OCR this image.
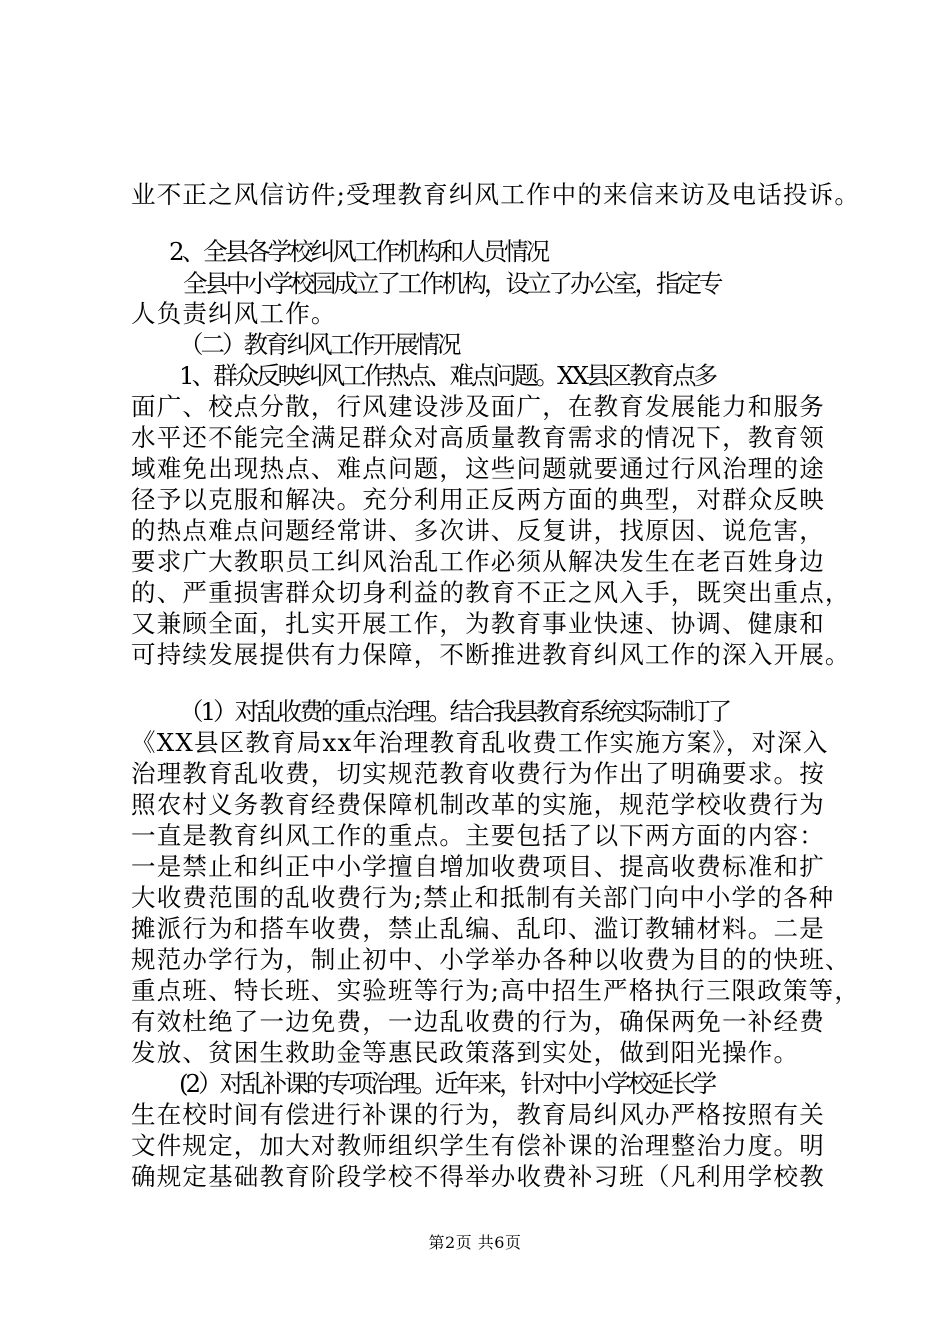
业不正之风信访件;受理教育纠风工作中的来信来访及电话投诉。
2、全县各学校纠风工作机构和人员情况
全县中小学校园成立了工作机构，设立了办公室，指定专
人负责纠风工作。
（二）教育纠风工作开展情况
1、群众反映纠风工作热点、难点问题。XX县区教育点多
面广、校点分散，行风建设涉及面广，在教育发展能力和服务
水平还不能完全满足群众对高质量教育需求的情况下，教育领
域难免出现热点、难点问题，这些问题就要通过行风治理的途
径予以克服和解决。充分利用正反两方面的典型，对群众反映
的热点难点问题经常讲、多次讲、反复讲，找原因、说危害，
要求广大教职员工纠风治乱工作必须从解决发生在老百姓身边
的、严重损害群众切身利益的教育不正之风入手，既突出重点，
又兼顾全面，扎实开展工作，为教育事业快速、协调、健康和
可持续发展提供有力保障，不断推进教育纠风工作的深入开展。
（1）对乱收费的重点治理。结合我县教育系统实际制订了
《XX县区教育局xx年治理教育乱收费工作实施方案》，对深入
治理教育乱收费，切实规范教育收费行为作出了明确要求。按
照农村义务教育经费保障机制改革的实施，规范学校收费行为
一直是教育纠风工作的重点。主要包括了以下两方面的内容：
一是禁止和纠正中小学擅自增加收费项目、提高收费标准和扩
大收费范围的乱收费行为;禁止和抵制有关部门向中小学的各种
摊派行为和搭车收费，禁止乱编、乱印、滥订教辅材料。二是
规范办学行为，制止初中、小学举办各种以收费为目的的快班、
重点班、特长班、实验班等行为;高中招生严格执行三限政策等，
有效杜绝了一边免费，一边乱收费的行为，确保两免一补经费
发放、贫困生救助金等惠民政策落到实处，做到阳光操作。
(2）对乱补课的专项治理。近年来，针对中小学校延长学
生在校时间有偿进行补课的行为，教育局纠风办严格按照有关
文件规定，加大对教师组织学生有偿补课的治理整治力度。明
确规定基础教育阶段学校不得举办收费补习班（凡利用学校教
第2页 共6页
